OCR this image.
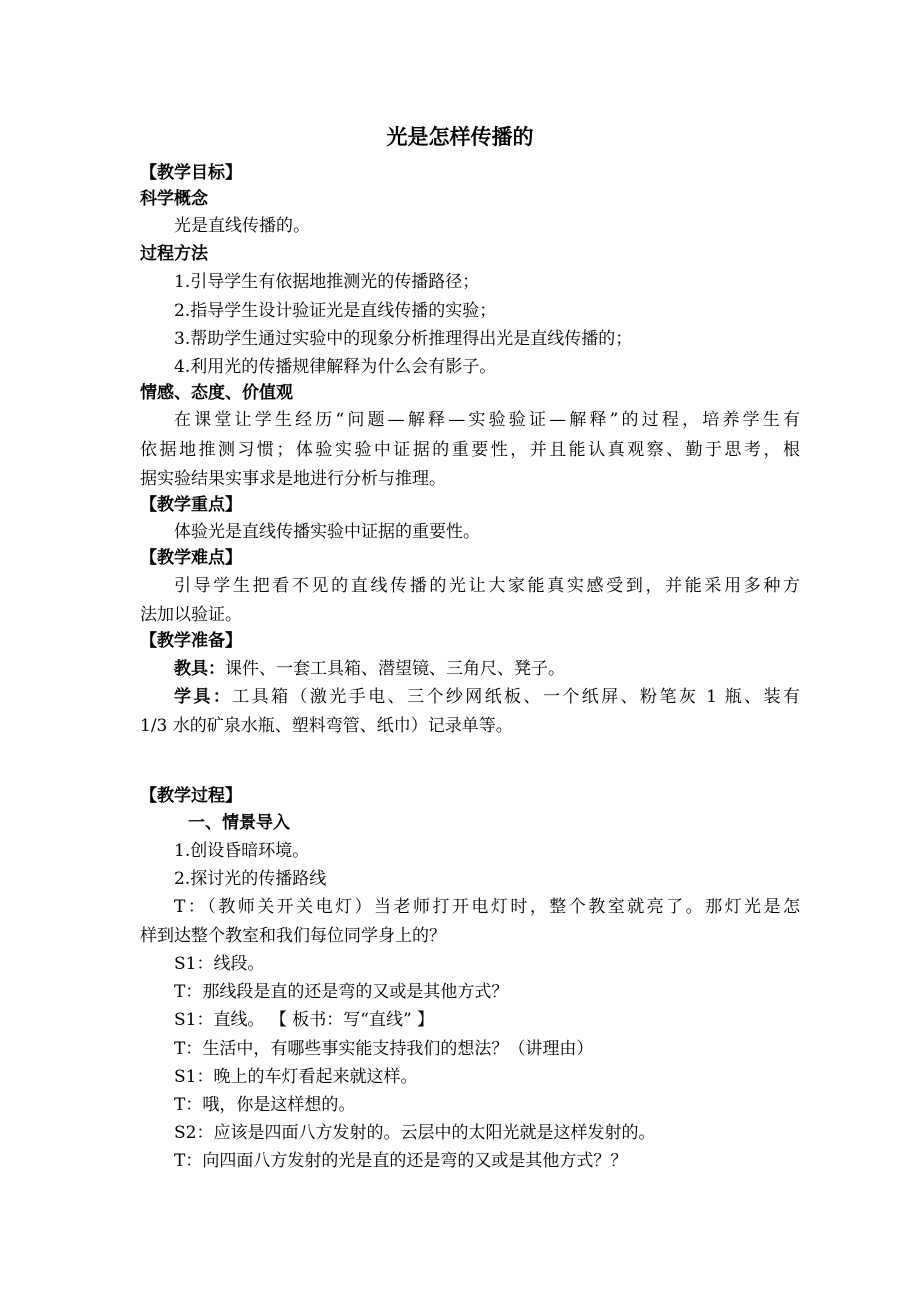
光是怎样传播的

【教学目标】

科学概念

光是直线传播的。

过程方法

1.引导学生有依据地推测光的传播路径；

2.指导学生设计验证光是直线传播的实验；

3.帮助学生通过实验中的现象分析推理得出光是直线传播的；

4.利用光的传播规律解释为什么会有影子。

情感、态度、价值观

在课堂让学生经历“问题—解释—实验验证—解释”的过程，培养学生有

依据地推测习惯；体验实验中证据的重要性，并且能认真观察、勤于思考，根

据实验结果实事求是地进行分析与推理。

【教学重点】

体验光是直线传播实验中证据的重要性。

【教学难点】

引导学生把看不见的直线传播的光让大家能真实感受到，并能采用多种方

法加以验证。

【教学准备】

教具：课件、一套工具箱、潜望镜、三角尺、凳子。

学具：工具箱（激光手电、三个纱网纸板、一个纸屏、粉笔灰 1 瓶、装有

1/3 水的矿泉水瓶、塑料弯管、纸巾）记录单等。

【教学过程】

一、情景导入

1.创设昏暗环境。

2.探讨光的传播路线

T：（教师关开关电灯）当老师打开电灯时，整个教室就亮了。那灯光是怎

样到达整个教室和我们每位同学身上的？

S1：线段。

T：那线段是直的还是弯的又或是其他方式？

S1：直线。 【 板书：写“直线” 】

T：生活中，有哪些事实能支持我们的想法？（讲理由）

S1：晚上的车灯看起来就这样。

T：哦，你是这样想的。

S2：应该是四面八方发射的。云层中的太阳光就是这样发射的。

T：向四面八方发射的光是直的还是弯的又或是其他方式？？
